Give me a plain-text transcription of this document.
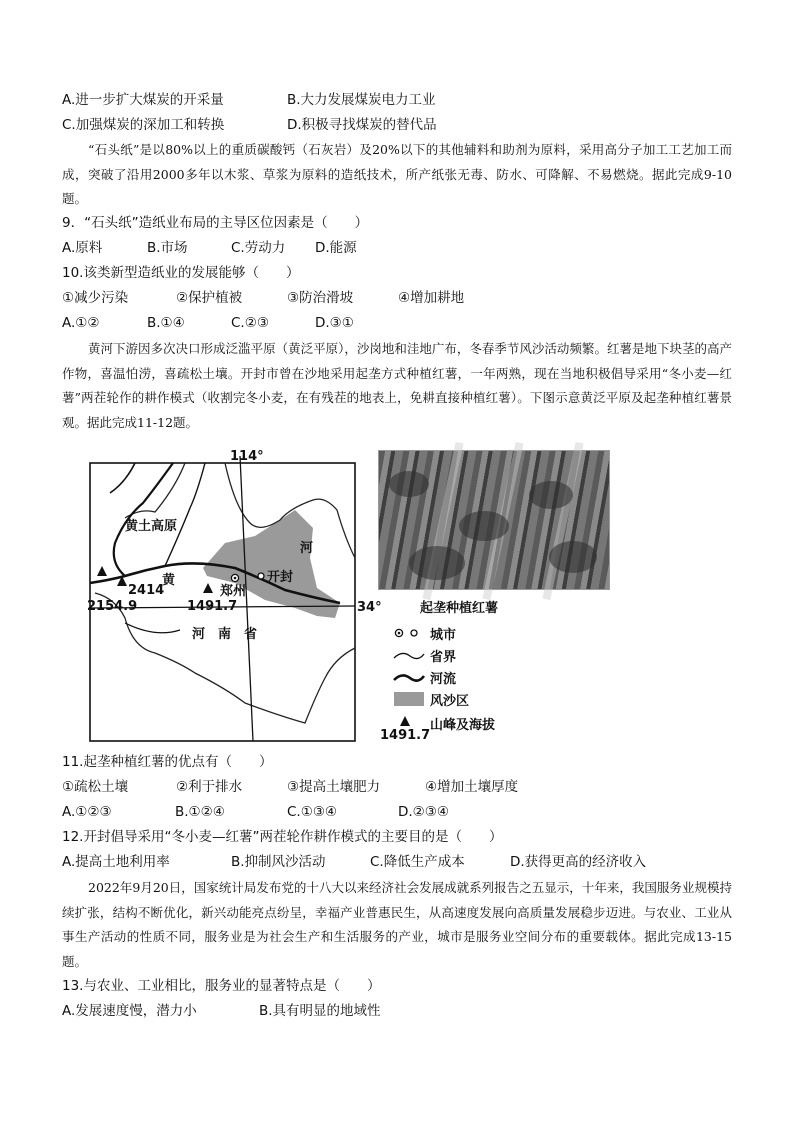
A.进一步扩大煤炭的开采量	B.大力发展煤炭电力工业
C.加强煤炭的深加工和转换	D.积极寻找煤炭的替代品
“石头纸”是以80%以上的重质碳酸钙（石灰岩）及20%以下的其他辅料和助剂为原料，采用高分子加工工艺加工而成，突破了沿用2000多年以木浆、草浆为原料的造纸技术，所产纸张无毒、防水、可降解、不易燃烧。据此完成9-10题。
9．“石头纸”造纸业布局的主导区位因素是（　　）
A.原料	B.市场	C.劳动力 D.能源
10.该类新型造纸业的发展能够（　　）
①减少污染	②保护植被	③防治滑坡	④增加耕地
A.①②	B.①④	C.②③	D.③①
黄河下游因多次决口形成泛滥平原（黄泛平原），沙岗地和洼地广布，冬春季节风沙活动频繁。红薯是地下块茎的高产作物，喜温怕涝，喜疏松土壤。开封市曾在沙地采用起垄方式种植红薯，一年两熟，现在当地积极倡导采用“冬小麦—红薯”两茬轮作的耕作模式（收割完冬小麦，在有残茬的地表上，免耕直接种植红薯）。下图示意黄泛平原及起垄种植红薯景观。据此完成11-12题。
114°
34°
黄土高原
黄
河
河　南　省
郑州
开封
2154.9
2414
1491.7	起垄种植红薯
城市
省界
河流
风沙区
山峰及海拔
1491.7
11.起垄种植红薯的优点有（　　）
①疏松土壤	②利于排水	③提高土壤肥力	④增加土壤厚度
A.①②③	B.①②④	C.①③④	D.②③④
12.开封倡导采用“冬小麦—红薯”两茬轮作耕作模式的主要目的是（　　）
A.提高土地利用率	B.抑制风沙活动	C.降低生产成本	D.获得更高的经济收入
2022年9月20日，国家统计局发布党的十八大以来经济社会发展成就系列报告之五显示，十年来，我国服务业规模持续扩张，结构不断优化，新兴动能亮点纷呈，幸福产业普惠民生，从高速度发展向高质量发展稳步迈进。与农业、工业从事生产活动的性质不同，服务业是为社会生产和生活服务的产业，城市是服务业空间分布的重要载体。据此完成13-15题。
13.与农业、工业相比，服务业的显著特点是（　　）
A.发展速度慢，潜力小	B.具有明显的地域性
